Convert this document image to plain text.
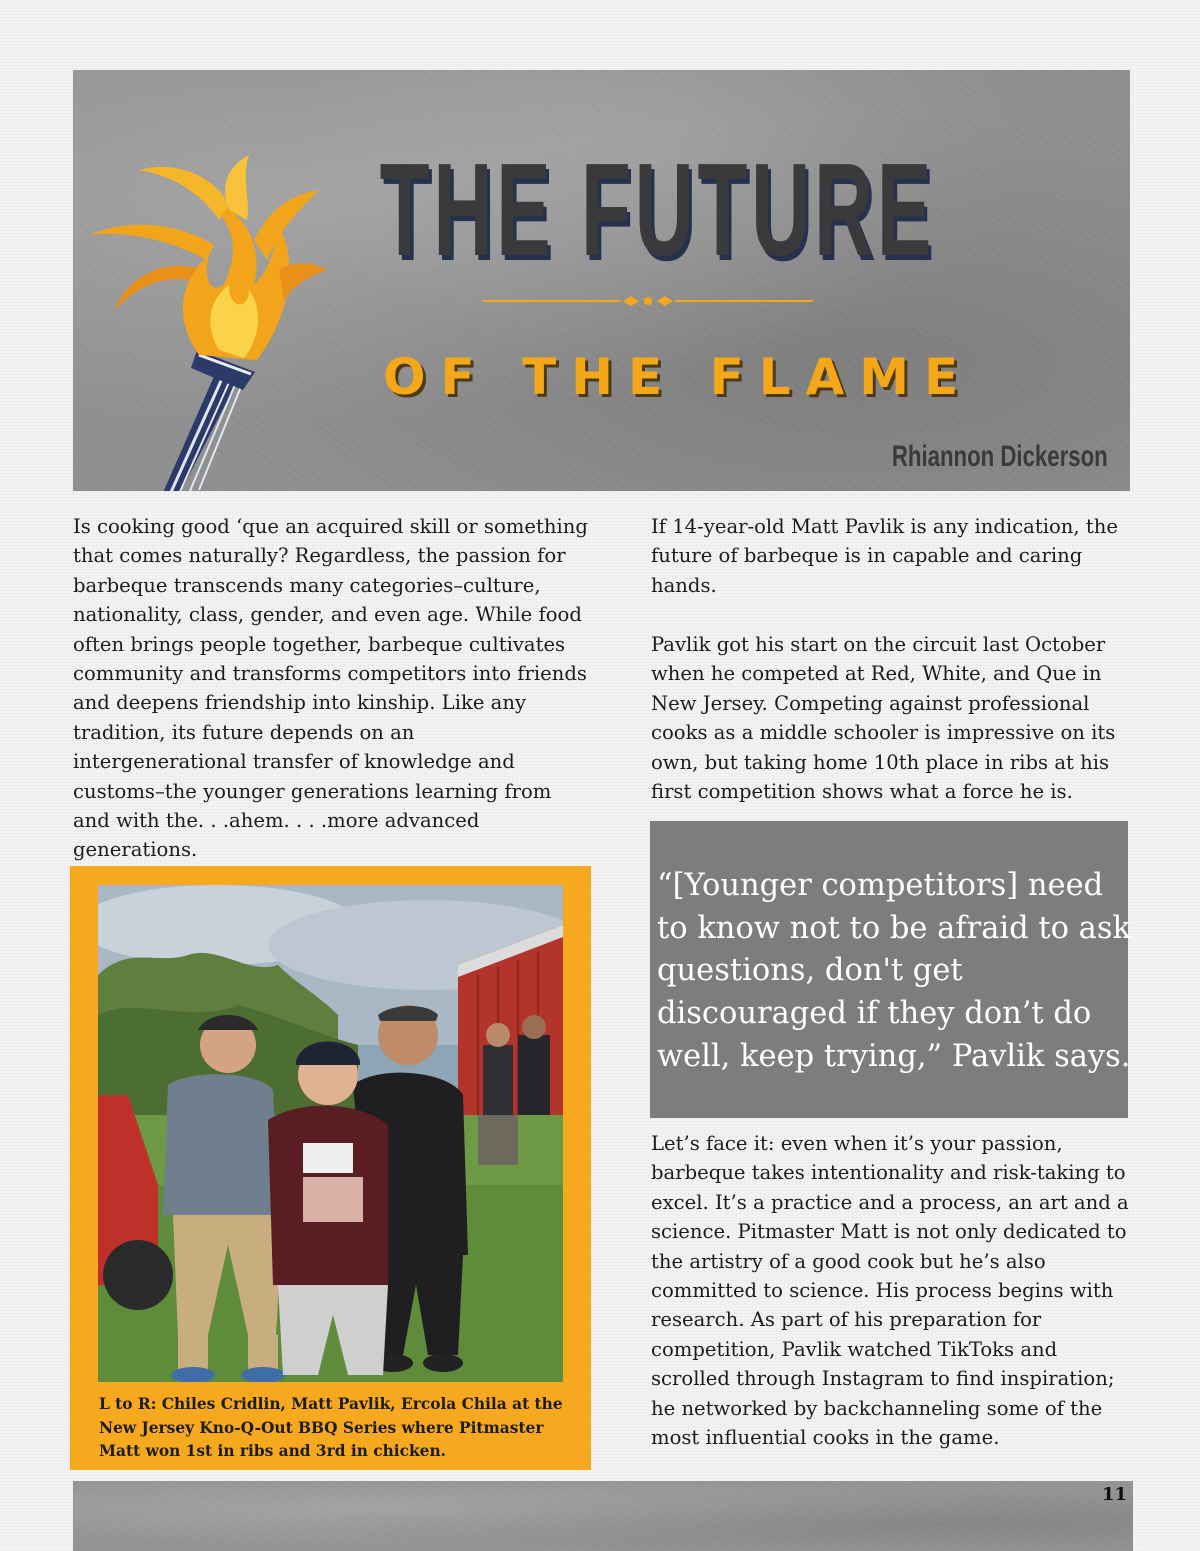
THE FUTURE
OF THE FLAME
Rhiannon Dickerson

Is cooking good ‘que an acquired skill or something that comes naturally? Regardless, the passion for barbeque transcends many categories–culture, nationality, class, gender, and even age. While food often brings people together, barbeque cultivates community and transforms competitors into friends and deepens friendship into kinship. Like any tradition, its future depends on an intergenerational transfer of knowledge and customs–the younger generations learning from and with the. . .ahem. . . .more advanced generations.

If 14-year-old Matt Pavlik is any indication, the future of barbeque is in capable and caring hands.

Pavlik got his start on the circuit last October when he competed at Red, White, and Que in New Jersey. Competing against professional cooks as a middle schooler is impressive on its own, but taking home 10th place in ribs at his first competition shows what a force he is.

“[Younger competitors] need to know not to be afraid to ask questions, don't get discouraged if they don’t do well, keep trying,” Pavlik says.

Let’s face it: even when it’s your passion, barbeque takes intentionality and risk-taking to excel. It’s a practice and a process, an art and a science. Pitmaster Matt is not only dedicated to the artistry of a good cook but he’s also committed to science. His process begins with research. As part of his preparation for competition, Pavlik watched TikToks and scrolled through Instagram to find inspiration; he networked by backchanneling some of the most influential cooks in the game.

L to R: Chiles Cridlin, Matt Pavlik, Ercola Chila at the New Jersey Kno-Q-Out BBQ Series where Pitmaster Matt won 1st in ribs and 3rd in chicken.

11
